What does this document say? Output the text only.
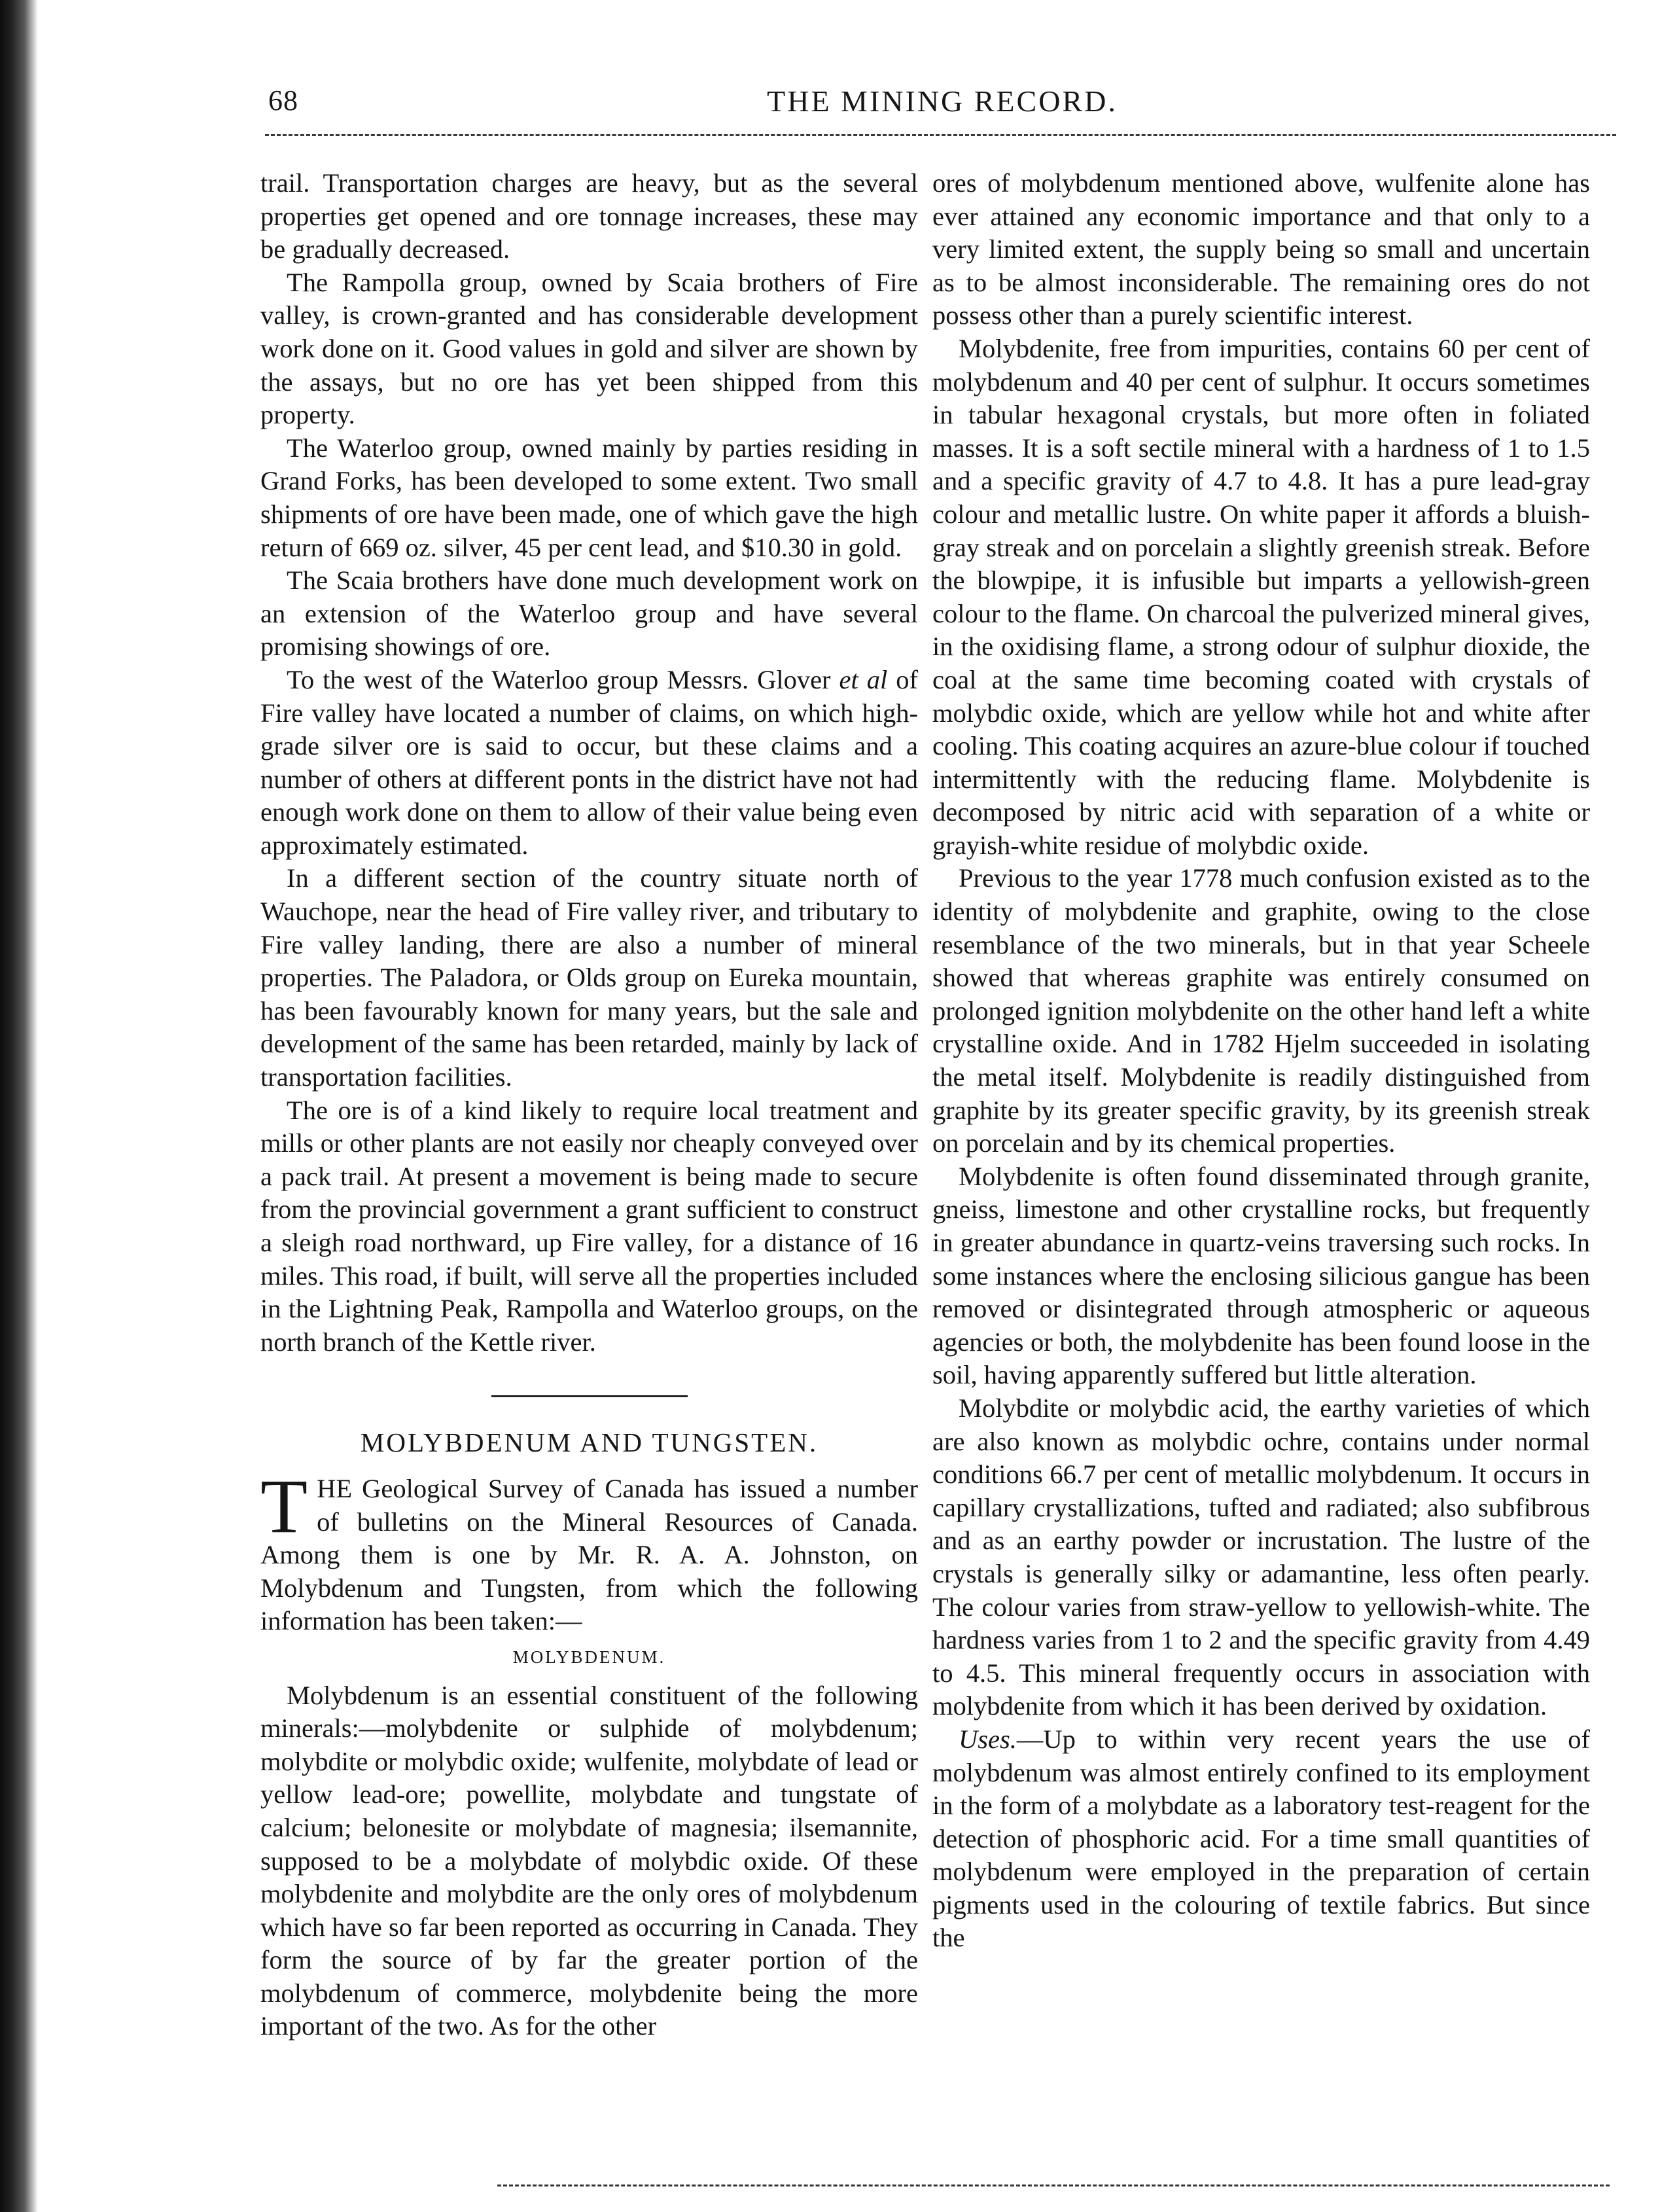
68	THE MINING RECORD.

trail. Transportation charges are heavy, but as the several properties get opened and ore tonnage increases, these may be gradually decreased.

The Rampolla group, owned by Scaia brothers of Fire valley, is crown-granted and has considerable development work done on it. Good values in gold and silver are shown by the assays, but no ore has yet been shipped from this property.

The Waterloo group, owned mainly by parties residing in Grand Forks, has been developed to some extent. Two small shipments of ore have been made, one of which gave the high return of 669 oz. silver, 45 per cent lead, and $10.30 in gold.

The Scaia brothers have done much development work on an extension of the Waterloo group and have several promising showings of ore.

To the west of the Waterloo group Messrs. Glover et al of Fire valley have located a number of claims, on which high-grade silver ore is said to occur, but these claims and a number of others at different ponts in the district have not had enough work done on them to allow of their value being even approximately estimated.

In a different section of the country situate north of Wauchope, near the head of Fire valley river, and tributary to Fire valley landing, there are also a number of mineral properties. The Paladora, or Olds group on Eureka mountain, has been favourably known for many years, but the sale and development of the same has been retarded, mainly by lack of transportation facilities.

The ore is of a kind likely to require local treatment and mills or other plants are not easily nor cheaply conveyed over a pack trail. At present a movement is being made to secure from the provincial government a grant sufficient to construct a sleigh road northward, up Fire valley, for a distance of 16 miles. This road, if built, will serve all the properties included in the Lightning Peak, Rampolla and Waterloo groups, on the north branch of the Kettle river.

MOLYBDENUM AND TUNGSTEN.

THE Geological Survey of Canada has issued a number of bulletins on the Mineral Resources of Canada. Among them is one by Mr. R. A. A. Johnston, on Molybdenum and Tungsten, from which the following information has been taken:—

MOLYBDENUM.

Molybdenum is an essential constituent of the following minerals:—molybdenite or sulphide of molybdenum; molybdite or molybdic oxide; wulfenite, molybdate of lead or yellow lead-ore; powellite, molybdate and tungstate of calcium; belonesite or molybdate of magnesia; ilsemannite, supposed to be a molybdate of molybdic oxide. Of these molybdenite and molybdite are the only ores of molybdenum which have so far been reported as occurring in Canada. They form the source of by far the greater portion of the molybdenum of commerce, molybdenite being the more important of the two. As for the other

ores of molybdenum mentioned above, wulfenite alone has ever attained any economic importance and that only to a very limited extent, the supply being so small and uncertain as to be almost inconsiderable. The remaining ores do not possess other than a purely scientific interest.

Molybdenite, free from impurities, contains 60 per cent of molybdenum and 40 per cent of sulphur. It occurs sometimes in tabular hexagonal crystals, but more often in foliated masses. It is a soft sectile mineral with a hardness of 1 to 1.5 and a specific gravity of 4.7 to 4.8. It has a pure lead-gray colour and metallic lustre. On white paper it affords a bluish-gray streak and on porcelain a slightly greenish streak. Before the blowpipe, it is infusible but imparts a yellowish-green colour to the flame. On charcoal the pulverized mineral gives, in the oxidising flame, a strong odour of sulphur dioxide, the coal at the same time becoming coated with crystals of molybdic oxide, which are yellow while hot and white after cooling. This coating acquires an azure-blue colour if touched intermittently with the reducing flame. Molybdenite is decomposed by nitric acid with separation of a white or grayish-white residue of molybdic oxide.

Previous to the year 1778 much confusion existed as to the identity of molybdenite and graphite, owing to the close resemblance of the two minerals, but in that year Scheele showed that whereas graphite was entirely consumed on prolonged ignition molybdenite on the other hand left a white crystalline oxide. And in 1782 Hjelm succeeded in isolating the metal itself. Molybdenite is readily distinguished from graphite by its greater specific gravity, by its greenish streak on porcelain and by its chemical properties.

Molybdenite is often found disseminated through granite, gneiss, limestone and other crystalline rocks, but frequently in greater abundance in quartz-veins traversing such rocks. In some instances where the enclosing silicious gangue has been removed or disintegrated through atmospheric or aqueous agencies or both, the molybdenite has been found loose in the soil, having apparently suffered but little alteration.

Molybdite or molybdic acid, the earthy varieties of which are also known as molybdic ochre, contains under normal conditions 66.7 per cent of metallic molybdenum. It occurs in capillary crystallizations, tufted and radiated; also subfibrous and as an earthy powder or incrustation. The lustre of the crystals is generally silky or adamantine, less often pearly. The colour varies from straw-yellow to yellowish-white. The hardness varies from 1 to 2 and the specific gravity from 4.49 to 4.5. This mineral frequently occurs in association with molybdenite from which it has been derived by oxidation.

Uses.—Up to within very recent years the use of molybdenum was almost entirely confined to its employment in the form of a molybdate as a laboratory test-reagent for the detection of phosphoric acid. For a time small quantities of molybdenum were employed in the preparation of certain pigments used in the colouring of textile fabrics. But since the
